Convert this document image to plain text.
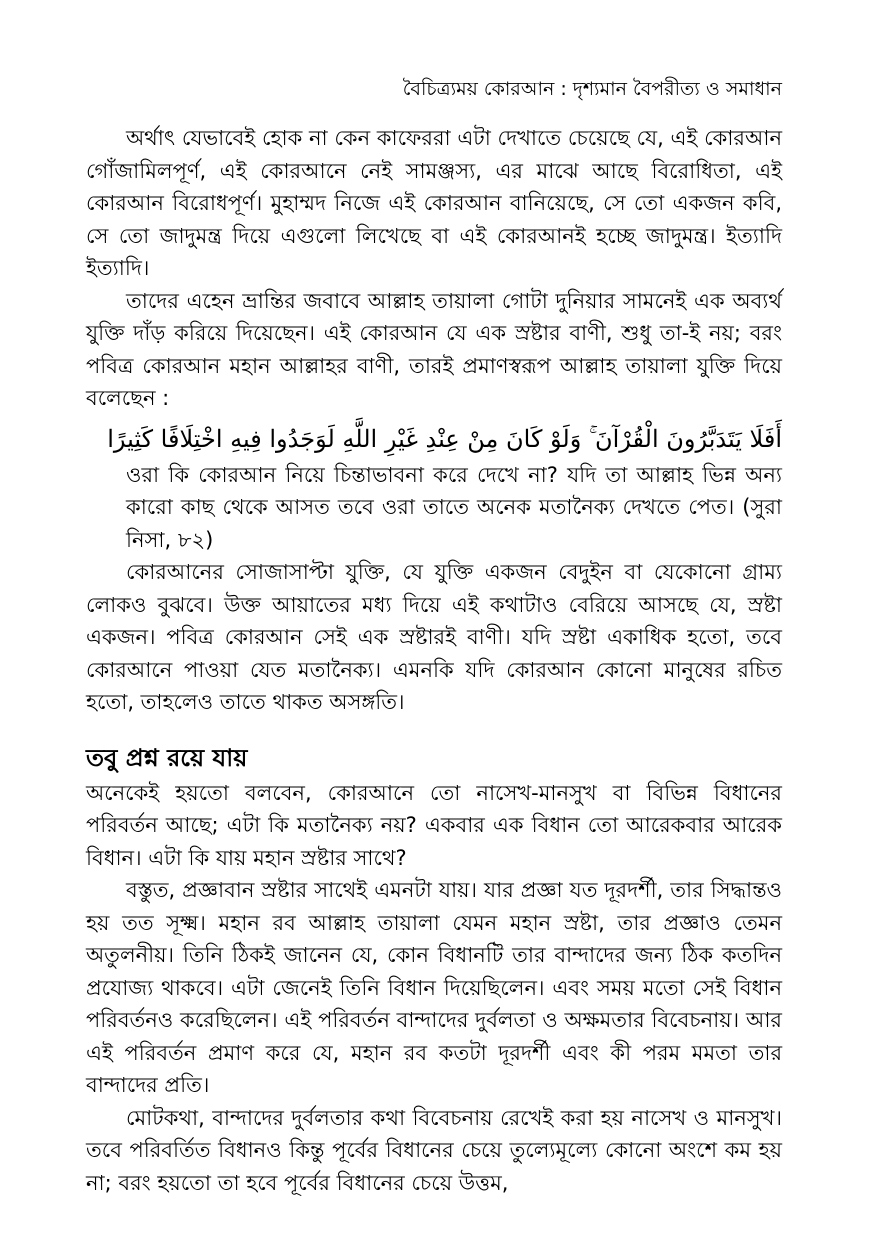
বৈচিত্র্যময় কোরআন : দৃশ্যমান বৈপরীত্য ও সমাধান

অর্থাৎ যেভাবেই হোক না কেন কাফেররা এটা দেখাতে চেয়েছে যে, এই কোরআন গোঁজামিলপূর্ণ, এই কোরআনে নেই সামঞ্জস্য, এর মাঝে আছে বিরোধিতা, এই কোরআন বিরোধপূর্ণ। মুহাম্মদ নিজে এই কোরআন বানিয়েছে, সে তো একজন কবি, সে তো জাদুমন্ত্র দিয়ে এগুলো লিখেছে বা এই কোরআনই হচ্ছে জাদুমন্ত্র। ইত্যাদি ইত্যাদি।

তাদের এহেন ভ্রান্তির জবাবে আল্লাহ তায়ালা গোটা দুনিয়ার সামনেই এক অব্যর্থ যুক্তি দাঁড় করিয়ে দিয়েছেন। এই কোরআন যে এক স্রষ্টার বাণী, শুধু তা-ই নয়; বরং পবিত্র কোরআন মহান আল্লাহর বাণী, তারই প্রমাণস্বরূপ আল্লাহ তায়ালা যুক্তি দিয়ে বলেছেন :

أَفَلَا يَتَدَبَّرُونَ الْقُرْآنَ ۚ وَلَوْ كَانَ مِنْ عِنْدِ غَيْرِ اللَّهِ لَوَجَدُوا فِيهِ اخْتِلَافًا كَثِيرًا

ওরা কি কোরআন নিয়ে চিন্তাভাবনা করে দেখে না? যদি তা আল্লাহ ভিন্ন অন্য কারো কাছ থেকে আসত তবে ওরা তাতে অনেক মতানৈক্য দেখতে পেত। (সুরা নিসা, ৮২)

কোরআনের সোজাসাপ্টা যুক্তি, যে যুক্তি একজন বেদুইন বা যেকোনো গ্রাম্য লোকও বুঝবে। উক্ত আয়াতের মধ্য দিয়ে এই কথাটাও বেরিয়ে আসছে যে, স্রষ্টা একজন। পবিত্র কোরআন সেই এক স্রষ্টারই বাণী। যদি স্রষ্টা একাধিক হতো, তবে কোরআনে পাওয়া যেত মতানৈক্য। এমনকি যদি কোরআন কোনো মানুষের রচিত হতো, তাহলেও তাতে থাকত অসঙ্গতি।

তবু প্রশ্ন রয়ে যায়

অনেকেই হয়তো বলবেন, কোরআনে তো নাসেখ-মানসুখ বা বিভিন্ন বিধানের পরিবর্তন আছে; এটা কি মতানৈক্য নয়? একবার এক বিধান তো আরেকবার আরেক বিধান। এটা কি যায় মহান স্রষ্টার সাথে?

বস্তুত, প্রজ্ঞাবান স্রষ্টার সাথেই এমনটা যায়। যার প্রজ্ঞা যত দূরদর্শী, তার সিদ্ধান্তও হয় তত সূক্ষ্ম। মহান রব আল্লাহ তায়ালা যেমন মহান স্রষ্টা, তার প্রজ্ঞাও তেমন অতুলনীয়। তিনি ঠিকই জানেন যে, কোন বিধানটি তার বান্দাদের জন্য ঠিক কতদিন প্রযোজ্য থাকবে। এটা জেনেই তিনি বিধান দিয়েছিলেন। এবং সময় মতো সেই বিধান পরিবর্তনও করেছিলেন। এই পরিবর্তন বান্দাদের দুর্বলতা ও অক্ষমতার বিবেচনায়। আর এই পরিবর্তন প্রমাণ করে যে, মহান রব কতটা দূরদর্শী এবং কী পরম মমতা তার বান্দাদের প্রতি।

মোটকথা, বান্দাদের দুর্বলতার কথা বিবেচনায় রেখেই করা হয় নাসেখ ও মানসুখ। তবে পরিবর্তিত বিধানও কিন্তু পূর্বের বিধানের চেয়ে তুল্যেমূল্যে কোনো অংশে কম হয় না; বরং হয়তো তা হবে পূর্বের বিধানের চেয়ে উত্তম,
